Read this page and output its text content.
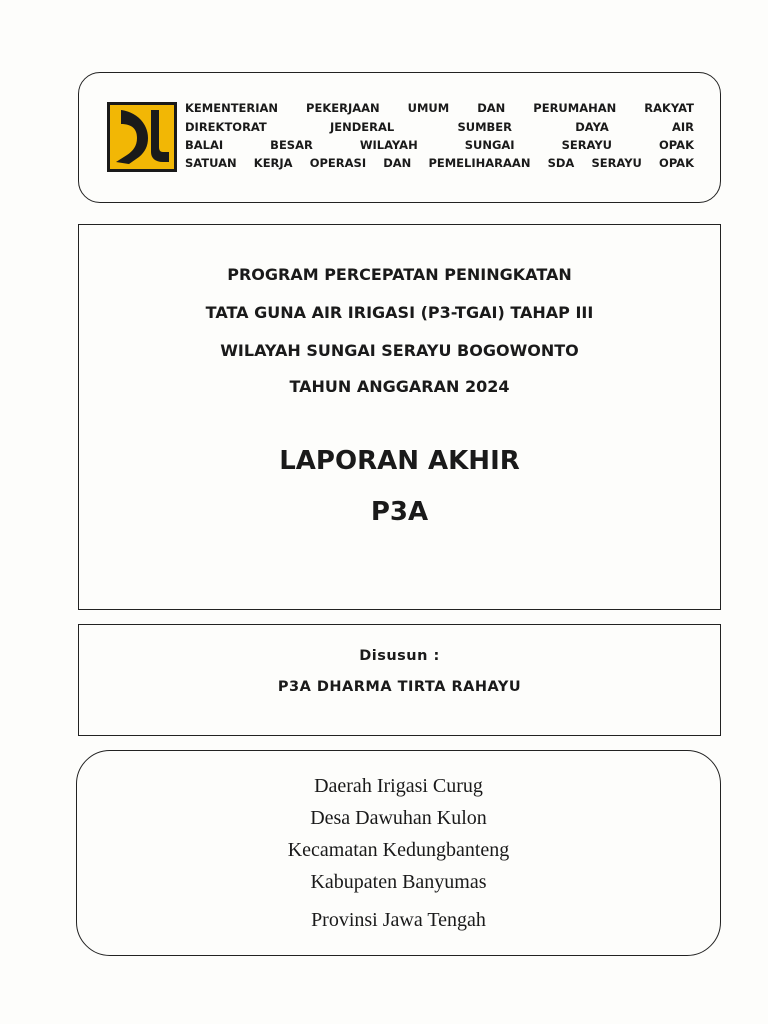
KEMENTERIAN PEKERJAAN UMUM DAN PERUMAHAN RAKYAT
DIREKTORAT JENDERAL SUMBER DAYA AIR
BALAI BESAR WILAYAH SUNGAI SERAYU OPAK
SATUAN KERJA OPERASI DAN PEMELIHARAAN SDA SERAYU OPAK
PROGRAM PERCEPATAN PENINGKATAN
TATA GUNA AIR IRIGASI (P3-TGAI) TAHAP III
WILAYAH SUNGAI SERAYU BOGOWONTO
TAHUN ANGGARAN 2024
LAPORAN AKHIR
P3A
Disusun :
P3A DHARMA TIRTA RAHAYU
Daerah Irigasi Curug
Desa Dawuhan Kulon
Kecamatan Kedungbanteng
Kabupaten Banyumas
Provinsi Jawa Tengah
